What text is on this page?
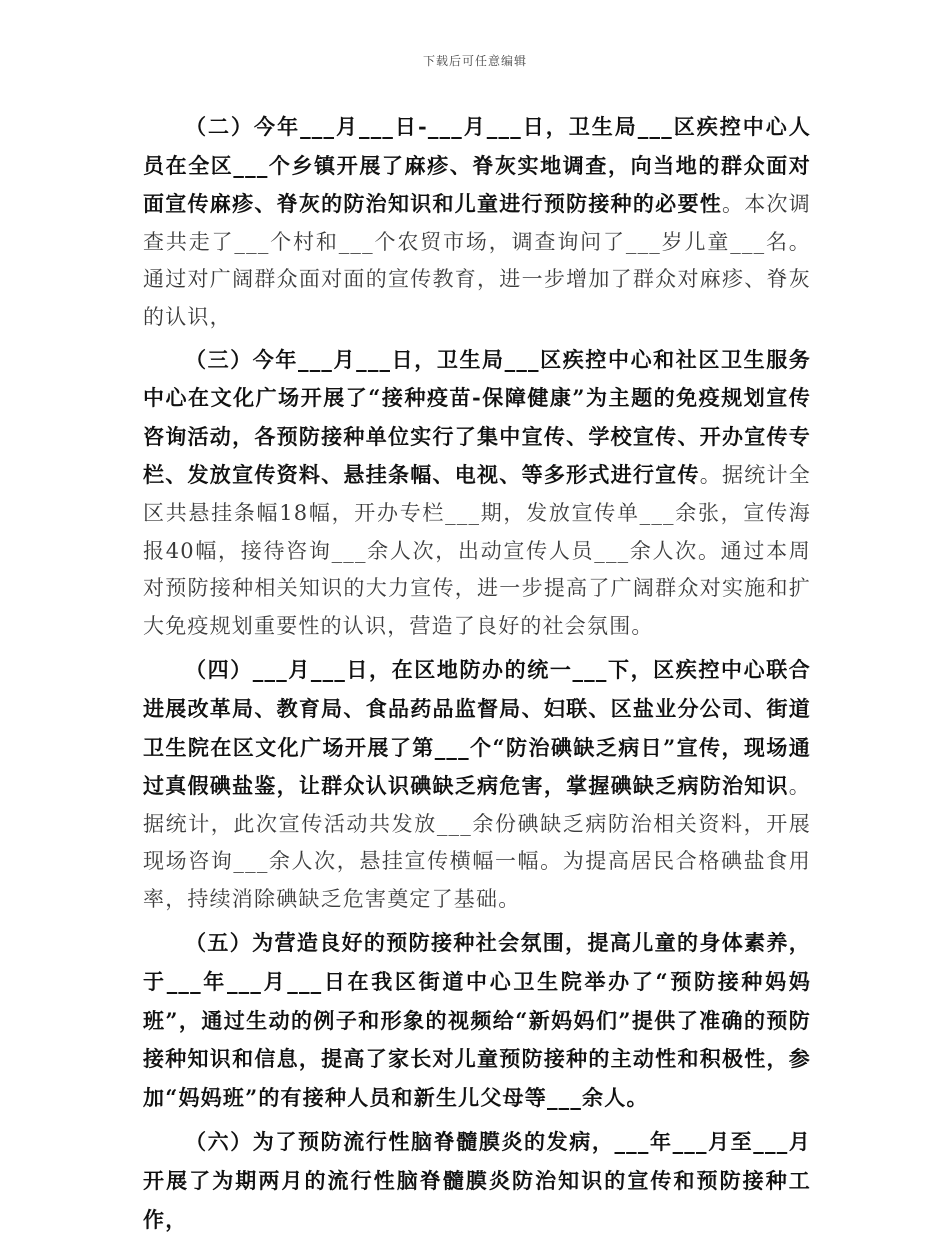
下载后可任意编辑

（二）今年___月___日-___月___日，卫生局___区疾控中心人员在全区___个乡镇开展了麻疹、脊灰实地调查，向当地的群众面对面宣传麻疹、脊灰的防治知识和儿童进行预防接种的必要性。本次调查共走了___个村和___个农贸市场，调查询问了___岁儿童___名。通过对广阔群众面对面的宣传教育，进一步增加了群众对麻疹、脊灰的认识，

（三）今年___月___日，卫生局___区疾控中心和社区卫生服务中心在文化广场开展了“接种疫苗-保障健康”为主题的免疫规划宣传咨询活动，各预防接种单位实行了集中宣传、学校宣传、开办宣传专栏、发放宣传资料、悬挂条幅、电视、等多形式进行宣传。据统计全区共悬挂条幅18幅，开办专栏___期，发放宣传单___余张，宣传海报40幅，接待咨询___余人次，出动宣传人员___余人次。通过本周对预防接种相关知识的大力宣传，进一步提高了广阔群众对实施和扩大免疫规划重要性的认识，营造了良好的社会氛围。

（四）___月___日，在区地防办的统一___下，区疾控中心联合进展改革局、教育局、食品药品监督局、妇联、区盐业分公司、街道卫生院在区文化广场开展了第___个“防治碘缺乏病日”宣传，现场通过真假碘盐鉴，让群众认识碘缺乏病危害，掌握碘缺乏病防治知识。据统计，此次宣传活动共发放___余份碘缺乏病防治相关资料，开展现场咨询___余人次，悬挂宣传横幅一幅。为提高居民合格碘盐食用率，持续消除碘缺乏危害奠定了基础。

（五）为营造良好的预防接种社会氛围，提高儿童的身体素养，于___年___月___日在我区街道中心卫生院举办了“预防接种妈妈班”，通过生动的例子和形象的视频给“新妈妈们”提供了准确的预防接种知识和信息，提高了家长对儿童预防接种的主动性和积极性，参加“妈妈班”的有接种人员和新生儿父母等___余人。

（六）为了预防流行性脑脊髓膜炎的发病，___年___月至___月开展了为期两月的流行性脑脊髓膜炎防治知识的宣传和预防接种工作，
